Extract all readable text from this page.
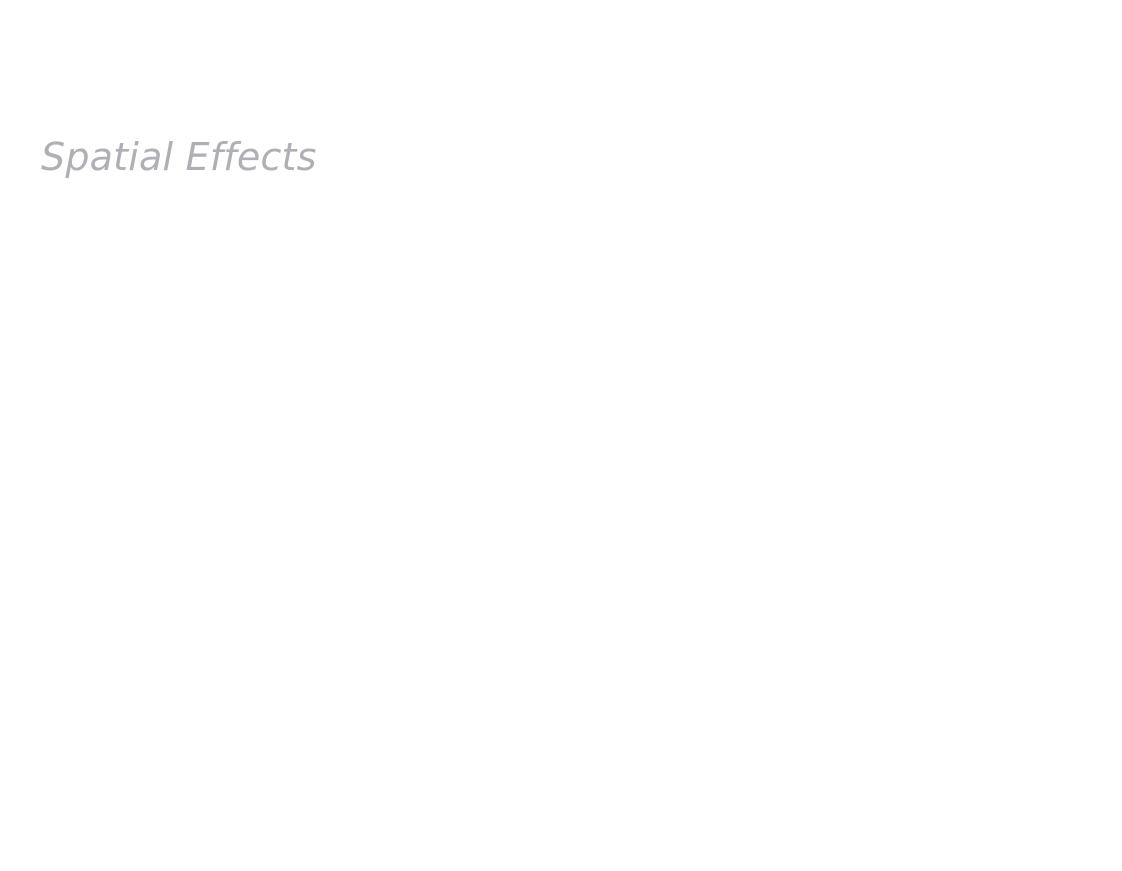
Spatial Effects
